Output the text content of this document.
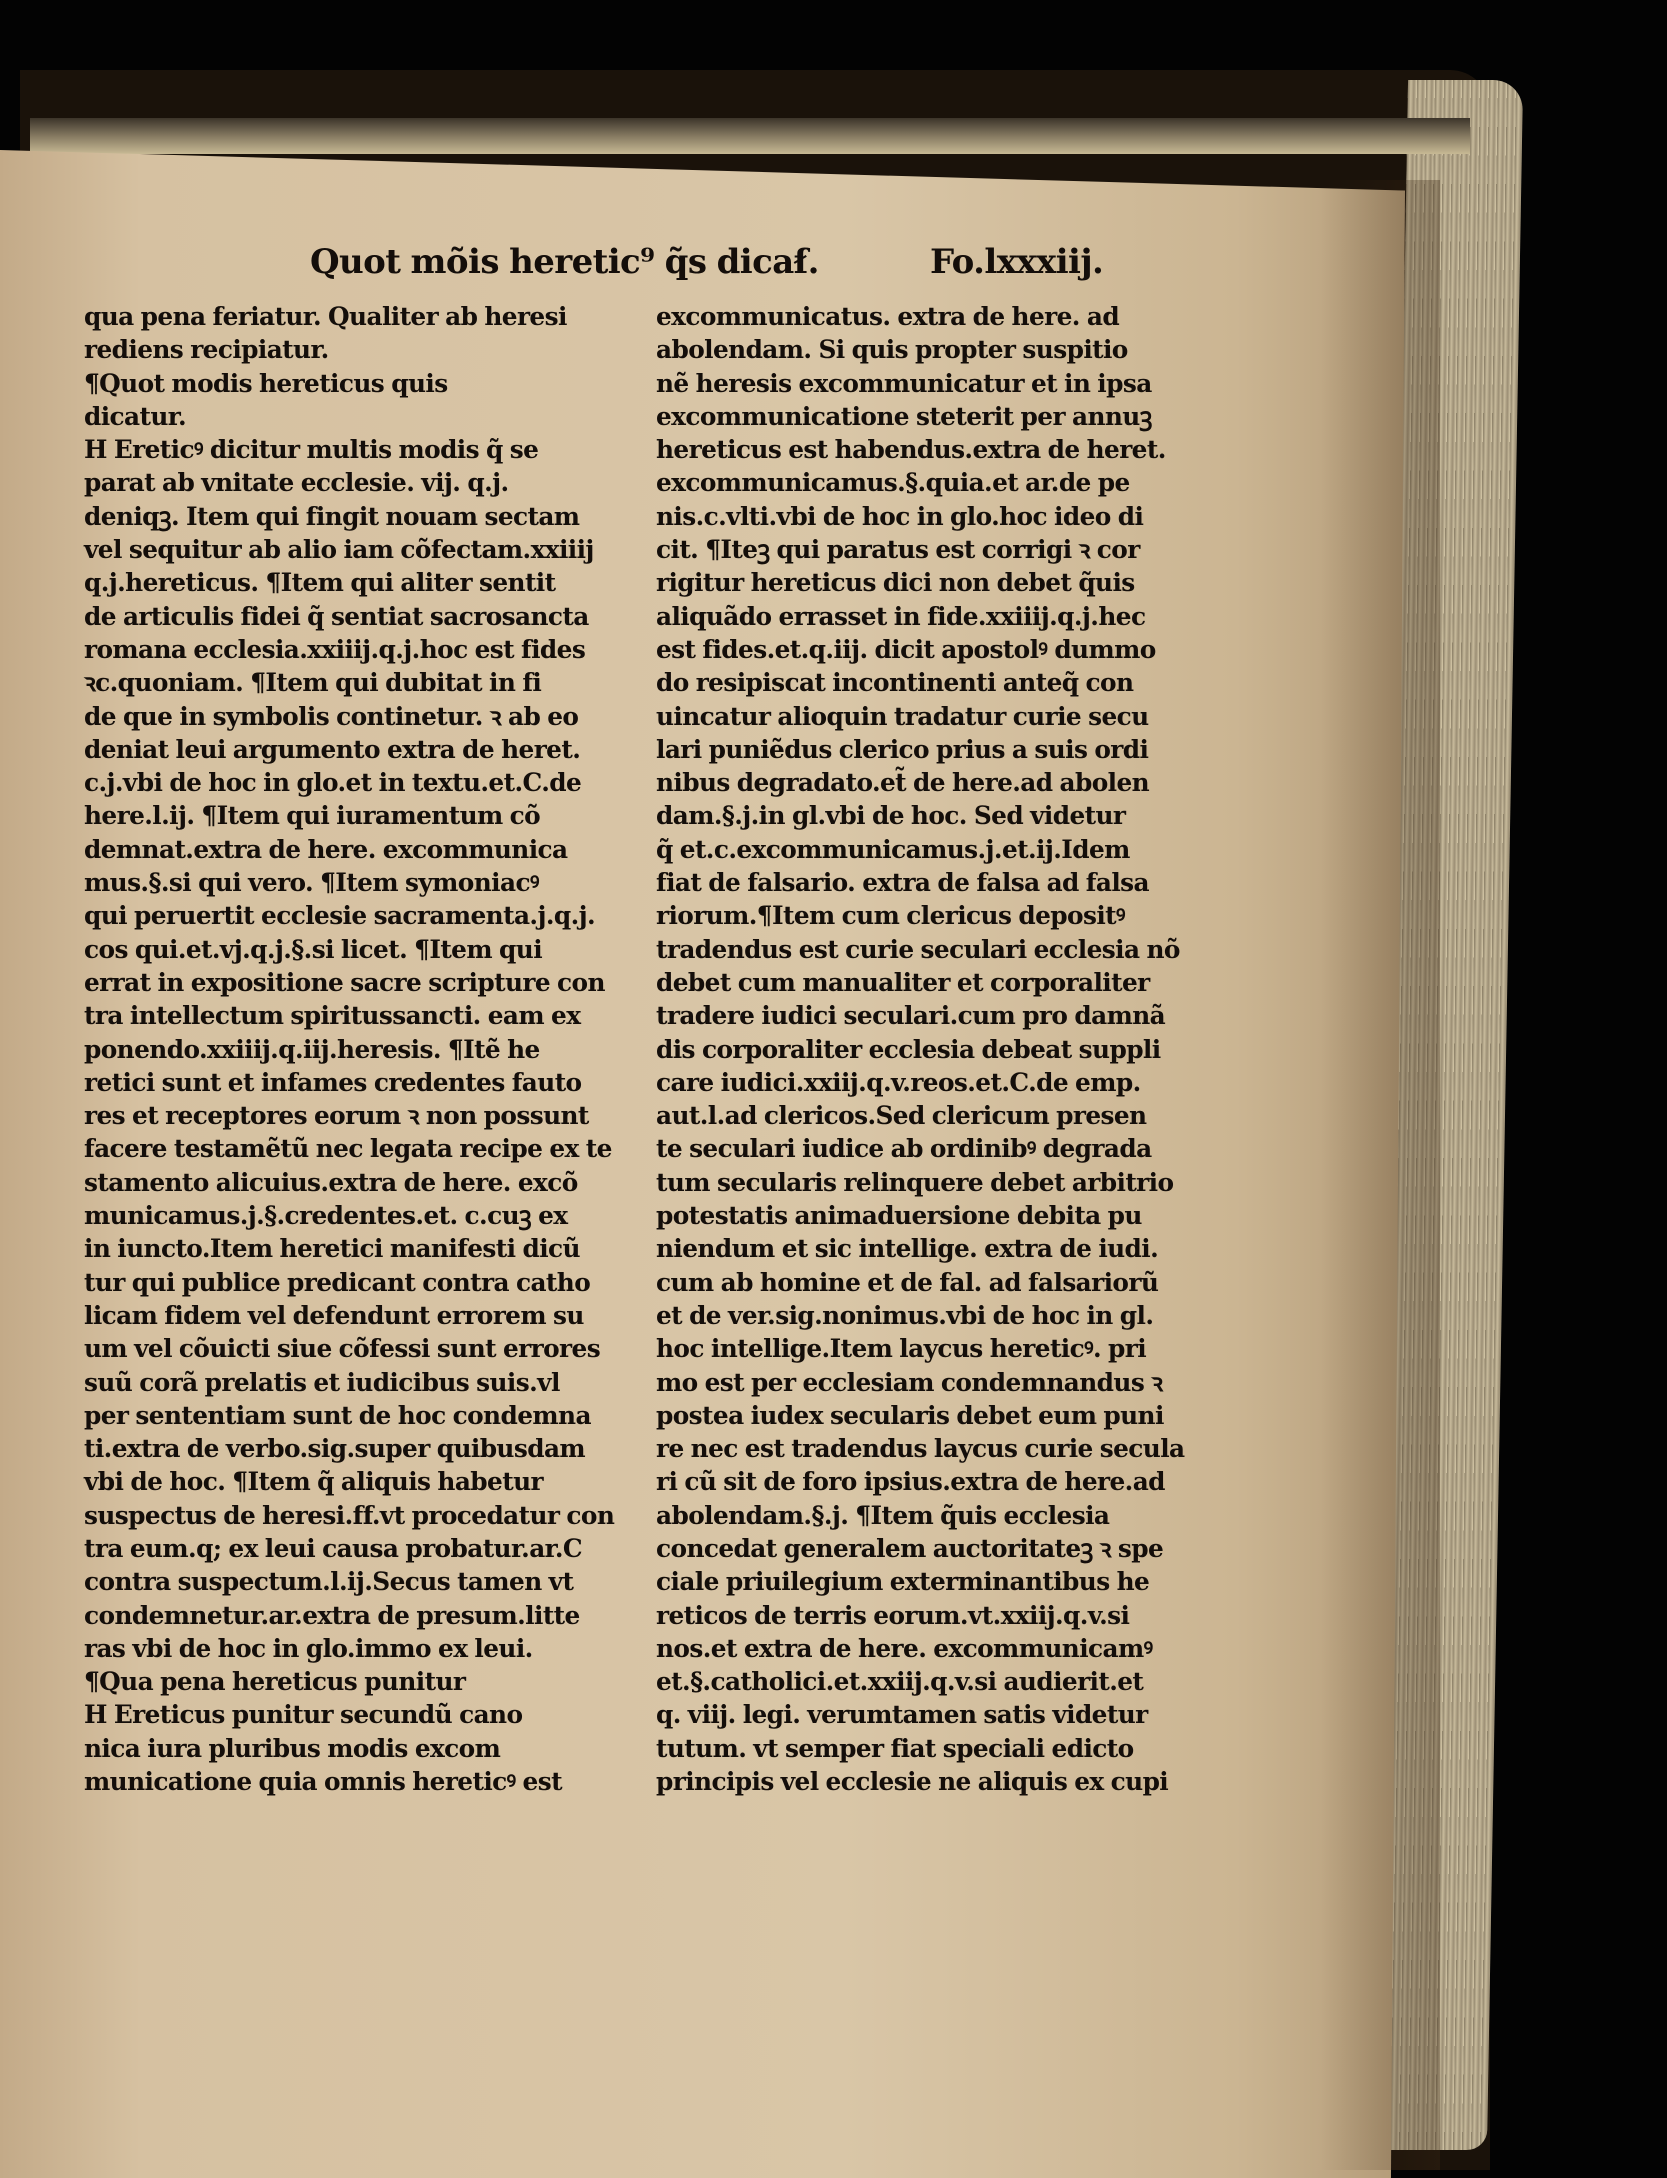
Quot mõis heretic⁹ q̃s dicaẜ.	Fo.lxxxiij.
qua pena feriatur. Qualiter ab heresi
rediens recipiatur.
¶Quot modis hereticus quis
dicatur.
H Ereticꝰ dicitur multis modis q̃ se
parat ab vnitate ecclesie. vij. q.j.
deniqꝫ. Item qui fingit nouam sectam
vel sequitur ab alio iam cõfectam.xxiiij
q.j.hereticus. ¶Item qui aliter sentit
de articulis fidei q̃ sentiat sacrosancta
romana ecclesia.xxiiij.q.j.hoc est fides
ꝛc.quoniam. ¶Item qui dubitat in fi
de que in symbolis continetur. ꝛ ab eo
deniat leui argumento extra de heret.
c.j.vbi de hoc in glo.et in textu.et.C.de
here.l.ij. ¶Item qui iuramentum cõ
demnat.extra de here. excommunica
mus.§.si qui vero. ¶Item symoniacꝰ
qui peruertit ecclesie sacramenta.j.q.j.
cos qui.et.vj.q.j.§.si licet. ¶Item qui
errat in expositione sacre scripture con
tra intellectum spiritussancti. eam ex
ponendo.xxiiij.q.iij.heresis. ¶Itẽ he
retici sunt et infames credentes fauto
res et receptores eorum ꝛ non possunt
facere testamẽtũ nec legata recipe ex te
stamento alicuius.extra de here. excõ
municamus.j.§.credentes.et. c.cuꝫ ex
in iuncto.Item heretici manifesti dicũ
tur qui publice predicant contra catho
licam fidem vel defendunt errorem su
um vel cõuicti siue cõfessi sunt errores
suũ corã prelatis et iudicibus suis.vl
per sententiam sunt de hoc condemna
ti.extra de verbo.sig.super quibusdam
vbi de hoc. ¶Item q̃ aliquis habetur
suspectus de heresi.ff.vt procedatur con
tra eum.q; ex leui causa probatur.ar.C
contra suspectum.l.ij.Secus tamen vt
condemnetur.ar.extra de presum.litte
ras vbi de hoc in glo.immo ex leui.
¶Qua pena hereticus punitur
H Ereticus punitur secundũ cano
nica iura pluribus modis excom
municatione quia omnis hereticꝰ est
excommunicatus. extra de here. ad
abolendam. Si quis propter suspitio
nẽ heresis excommunicatur et in ipsa
excommunicatione steterit per annuꝫ
hereticus est habendus.extra de heret.
excommunicamus.§.quia.et ar.de pe
nis.c.vlti.vbi de hoc in glo.hoc ideo di
cit. ¶Iteꝫ qui paratus est corrigi ꝛ cor
rigitur hereticus dici non debet q̃uis
aliquãdo errasset in fide.xxiiij.q.j.hec
est fides.et.q.iij. dicit apostolꝰ dummo
do resipiscat incontinenti anteq̃ con
uincatur alioquin tradatur curie secu
lari puniẽdus clerico prius a suis ordi
nibus degradato.et̃ de here.ad abolen
dam.§.j.in gl.vbi de hoc. Sed videtur
q̃ et.c.excommunicamus.j.et.ij.Idem
fiat de falsario. extra de falsa ad falsa
riorum.¶Item cum clericus depositꝰ
tradendus est curie seculari ecclesia nõ
debet cum manualiter et corporaliter
tradere iudici seculari.cum pro damnã
dis corporaliter ecclesia debeat suppli
care iudici.xxiij.q.v.reos.et.C.de emp.
aut.l.ad clericos.Sed clericum presen
te seculari iudice ab ordinibꝰ degrada
tum secularis relinquere debet arbitrio
potestatis animaduersione debita pu
niendum et sic intellige. extra de iudi.
cum ab homine et de fal. ad falsariorũ
et de ver.sig.nonimus.vbi de hoc in gl.
hoc intellige.Item laycus hereticꝰ. pri
mo est per ecclesiam condemnandus ꝛ
postea iudex secularis debet eum puni
re nec est tradendus laycus curie secula
ri cũ sit de foro ipsius.extra de here.ad
abolendam.§.j. ¶Item q̃uis ecclesia
concedat generalem auctoritateꝫ ꝛ spe
ciale priuilegium exterminantibus he
reticos de terris eorum.vt.xxiij.q.v.si
nos.et extra de here. excommunicamꝰ
et.§.catholici.et.xxiij.q.v.si audierit.et
q. viij. legi. verumtamen satis videtur
tutum. vt semper fiat speciali edicto
principis vel ecclesie ne aliquis ex cupi
